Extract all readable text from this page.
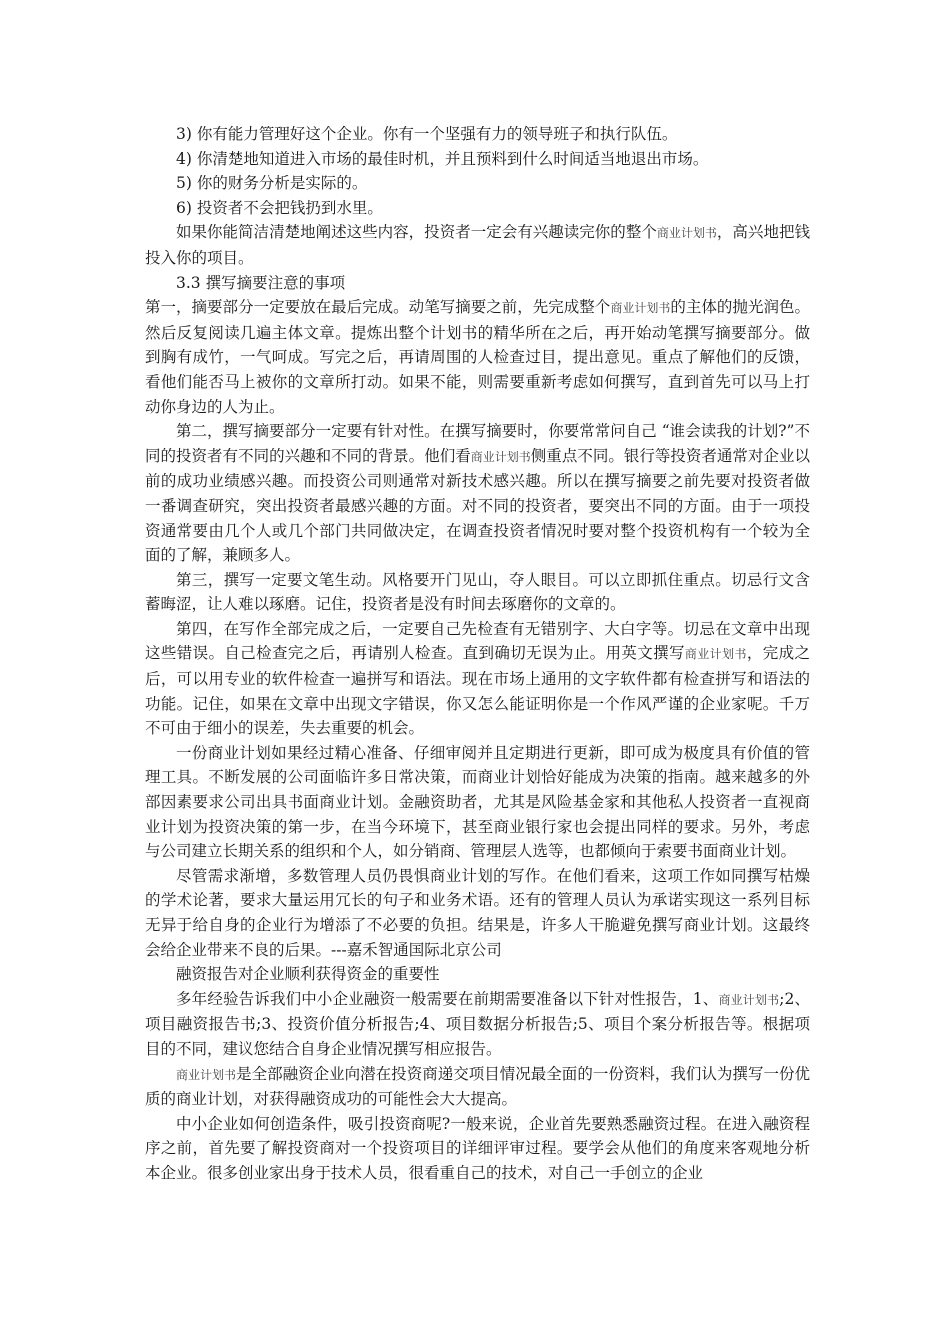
3) 你有能力管理好这个企业。你有一个坚强有力的领导班子和执行队伍。

4) 你清楚地知道进入市场的最佳时机，并且预料到什么时间适当地退出市场。

5) 你的财务分析是实际的。

6) 投资者不会把钱扔到水里。

如果你能简洁清楚地阐述这些内容，投资者一定会有兴趣读完你的整个商业计划书，高兴地把钱投入你的项目。

3.3 撰写摘要注意的事项

第一，摘要部分一定要放在最后完成。动笔写摘要之前，先完成整个商业计划书的主体的抛光润色。然后反复阅读几遍主体文章。提炼出整个计划书的精华所在之后，再开始动笔撰写摘要部分。做到胸有成竹，一气呵成。写完之后，再请周围的人检查过目，提出意见。重点了解他们的反馈，看他们能否马上被你的文章所打动。如果不能，则需要重新考虑如何撰写，直到首先可以马上打动你身边的人为止。

第二，撰写摘要部分一定要有针对性。在撰写摘要时，你要常常问自己 “谁会读我的计划?”不同的投资者有不同的兴趣和不同的背景。他们看商业计划书侧重点不同。银行等投资者通常对企业以前的成功业绩感兴趣。而投资公司则通常对新技术感兴趣。所以在撰写摘要之前先要对投资者做一番调查研究，突出投资者最感兴趣的方面。对不同的投资者，要突出不同的方面。由于一项投资通常要由几个人或几个部门共同做决定，在调查投资者情况时要对整个投资机构有一个较为全面的了解，兼顾多人。

第三，撰写一定要文笔生动。风格要开门见山，夺人眼目。可以立即抓住重点。切忌行文含蓄晦涩，让人难以琢磨。记住，投资者是没有时间去琢磨你的文章的。

第四，在写作全部完成之后，一定要自己先检查有无错别字、大白字等。切忌在文章中出现这些错误。自己检查完之后，再请别人检查。直到确切无误为止。用英文撰写商业计划书，完成之后，可以用专业的软件检查一遍拼写和语法。现在市场上通用的文字软件都有检查拼写和语法的功能。记住，如果在文章中出现文字错误，你又怎么能证明你是一个作风严谨的企业家呢。千万不可由于细小的误差，失去重要的机会。

一份商业计划如果经过精心准备、仔细审阅并且定期进行更新，即可成为极度具有价值的管理工具。不断发展的公司面临许多日常决策，而商业计划恰好能成为决策的指南。越来越多的外部因素要求公司出具书面商业计划。金融资助者，尤其是风险基金家和其他私人投资者一直视商业计划为投资决策的第一步，在当今环境下，甚至商业银行家也会提出同样的要求。另外，考虑与公司建立长期关系的组织和个人，如分销商、管理层人选等，也都倾向于索要书面商业计划。

尽管需求渐增，多数管理人员仍畏惧商业计划的写作。在他们看来，这项工作如同撰写枯燥的学术论著，要求大量运用冗长的句子和业务术语。还有的管理人员认为承诺实现这一系列目标无异于给自身的企业行为增添了不必要的负担。结果是，许多人干脆避免撰写商业计划。这最终会给企业带来不良的后果。---嘉禾智通国际北京公司

融资报告对企业顺利获得资金的重要性

多年经验告诉我们中小企业融资一般需要在前期需要准备以下针对性报告，1、商业计划书;2、项目融资报告书;3、投资价值分析报告;4、项目数据分析报告;5、项目个案分析报告等。根据项目的不同，建议您结合自身企业情况撰写相应报告。

商业计划书是全部融资企业向潜在投资商递交项目情况最全面的一份资料，我们认为撰写一份优质的商业计划，对获得融资成功的可能性会大大提高。

中小企业如何创造条件，吸引投资商呢?一般来说，企业首先要熟悉融资过程。在进入融资程序之前，首先要了解投资商对一个投资项目的详细评审过程。要学会从他们的角度来客观地分析本企业。很多创业家出身于技术人员，很看重自己的技术，对自己一手创立的企业
